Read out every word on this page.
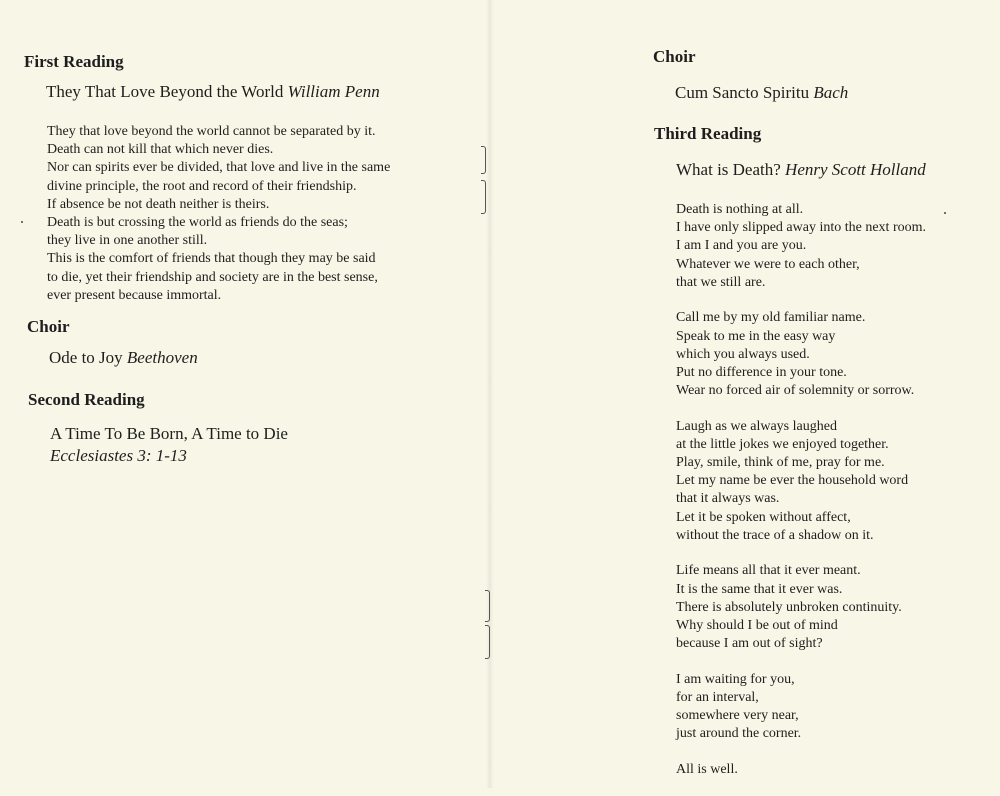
First Reading
They That Love Beyond the World William Penn
They that love beyond the world cannot be separated by it.
Death can not kill that which never dies.
Nor can spirits ever be divided, that love and live in the same
divine principle, the root and record of their friendship.
If absence be not death neither is theirs.
Death is but crossing the world as friends do the seas;
they live in one another still.
This is the comfort of friends that though they may be said
to die, yet their friendship and society are in the best sense,
ever present because immortal.
Choir
Ode to Joy Beethoven
Second Reading
A Time To Be Born, A Time to Die
Ecclesiastes 3: 1-13
Choir
Cum Sancto Spiritu Bach
Third Reading
What is Death? Henry Scott Holland
Death is nothing at all.
I have only slipped away into the next room.
I am I and you are you.
Whatever we were to each other,
that we still are.
Call me by my old familiar name.
Speak to me in the easy way
which you always used.
Put no difference in your tone.
Wear no forced air of solemnity or sorrow.
Laugh as we always laughed
at the little jokes we enjoyed together.
Play, smile, think of me, pray for me.
Let my name be ever the household word
that it always was.
Let it be spoken without affect,
without the trace of a shadow on it.
Life means all that it ever meant.
It is the same that it ever was.
There is absolutely unbroken continuity.
Why should I be out of mind
because I am out of sight?
I am waiting for you,
for an interval,
somewhere very near,
just around the corner.
All is well.
